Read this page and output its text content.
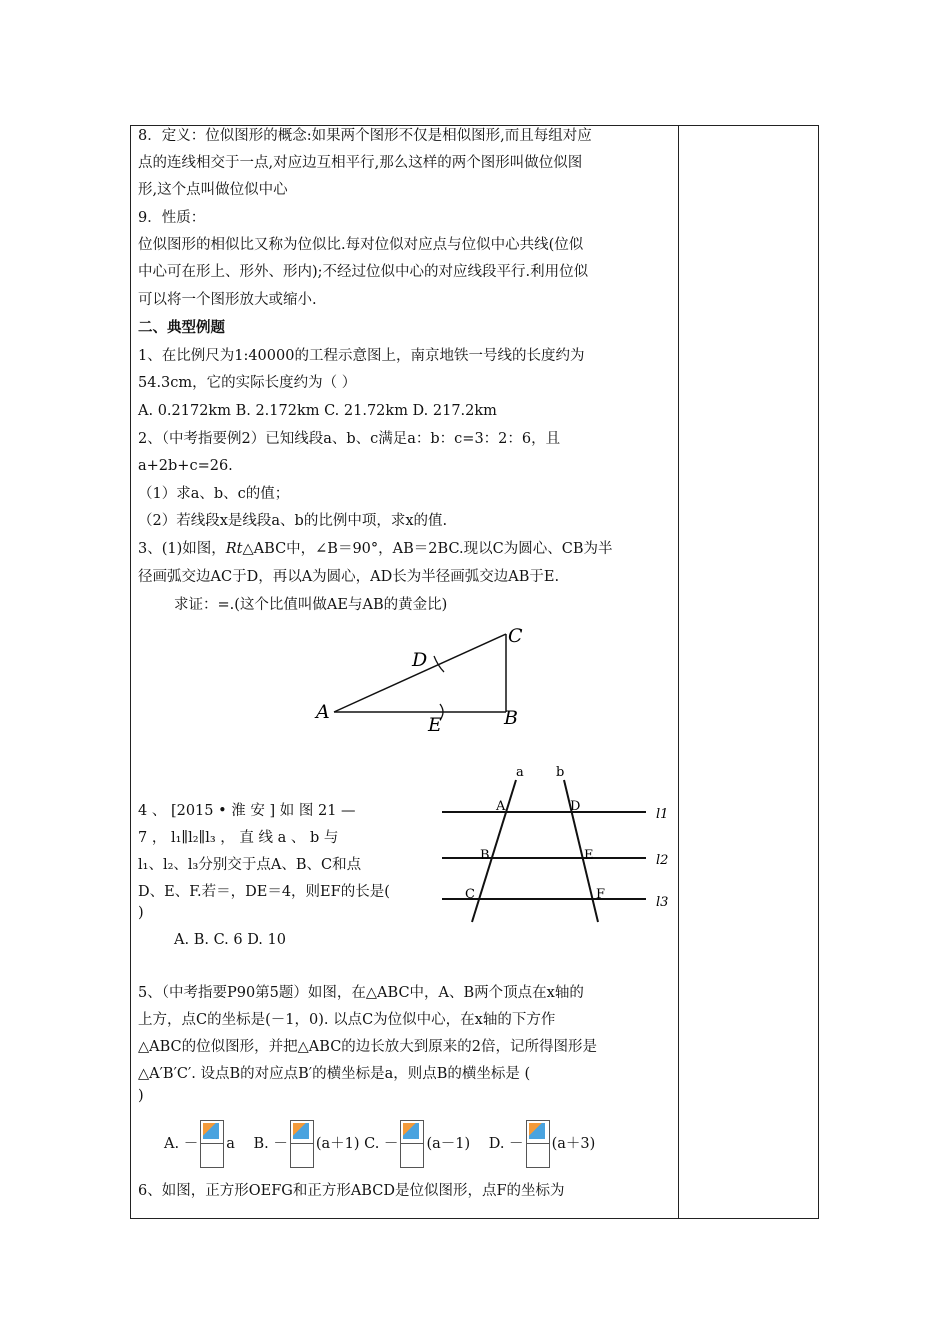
8．定义：位似图形的概念:如果两个图形不仅是相似图形,而且每组对应
点的连线相交于一点,对应边互相平行,那么这样的两个图形叫做位似图
形,这个点叫做位似中心
9．性质：
位似图形的相似比又称为位似比.每对位似对应点与位似中心共线(位似
中心可在形上、形外、形内);不经过位似中心的对应线段平行.利用位似
可以将一个图形放大或缩小.
二、典型例题
1、在比例尺为1:40000的工程示意图上，南京地铁一号线的长度约为
54.3cm，它的实际长度约为（ ）
A. 0.2172km B. 2.172km C. 21.72km D. 217.2km
2、（中考指要例2）已知线段a、b、c满足a：b：c=3：2：6，且
a+2b+c=26.
（1）求a、b、c的值；
（2）若线段x是线段a、b的比例中项，求x的值.
3、(1)如图，Rt△ABC中，∠B＝90°，AB＝2BC.现以C为圆心、CB为半
径画弧交边AC于D，再以A为圆心，AD长为半径画弧交边AB于E.
求证：=.(这个比值叫做AE与AB的黄金比)
4 、 [2015 • 淮 安 ] 如 图 21 —
7 ， l₁∥l₂∥l₃ ， 直 线 a 、 b 与
l₁、l₂、l₃分别交于点A、B、C和点
D、E、F.若＝，DE＝4，则EF的长是(
)
A. B. C. 6 D. 10
5、（中考指要P90第5题）如图，在△ABC中，A、B两个顶点在x轴的
上方，点C的坐标是(－1，0). 以点C为位似中心，在x轴的下方作
△ABC的位似图形，并把△ABC的边长放大到原来的2倍，记所得图形是
△A′B′C′. 设点B的对应点B′的横坐标是a，则点B的横坐标是 (
)
A. － a B. － (a＋1) C. － (a－1) D. － (a＋3)
6、如图，正方形OEFG和正方形ABCD是位似图形，点F的坐标为
A	B
C
D
E
a b
A	D
B	E
C	F
l1
l2
l3
